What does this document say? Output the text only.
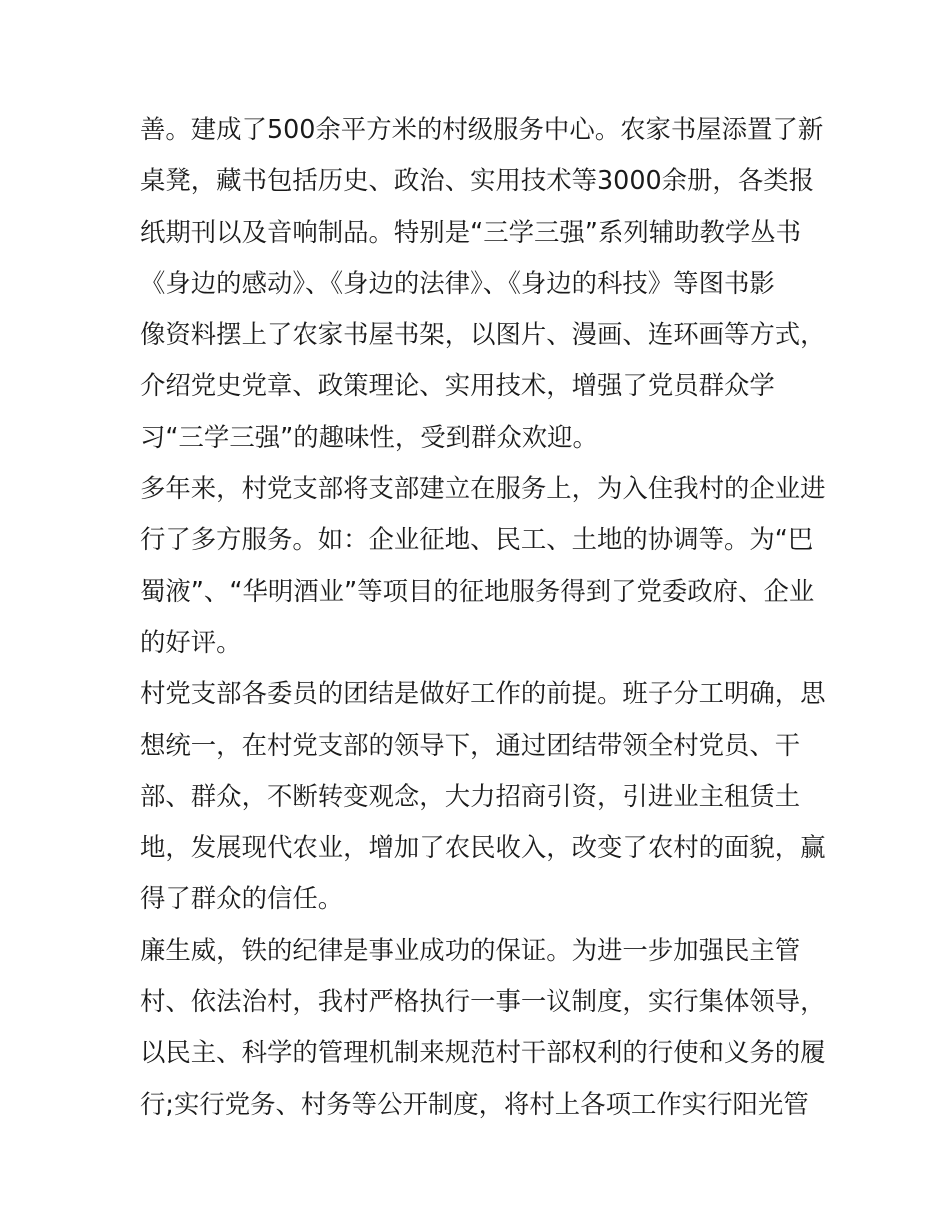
善。建成了500余平方米的村级服务中心。农家书屋添置了新
桌凳，藏书包括历史、政治、实用技术等3000余册，各类报
纸期刊以及音响制品。特别是“三学三强”系列辅助教学丛书
《身边的感动》、《身边的法律》、《身边的科技》等图书影
像资料摆上了农家书屋书架，以图片、漫画、连环画等方式，
介绍党史党章、政策理论、实用技术，增强了党员群众学
习“三学三强”的趣味性，受到群众欢迎。
多年来，村党支部将支部建立在服务上，为入住我村的企业进
行了多方服务。如：企业征地、民工、土地的协调等。为“巴
蜀液”、“华明酒业”等项目的征地服务得到了党委政府、企业
的好评。
村党支部各委员的团结是做好工作的前提。班子分工明确，思
想统一，在村党支部的领导下，通过团结带领全村党员、干
部、群众，不断转变观念，大力招商引资，引进业主租赁土
地，发展现代农业，增加了农民收入，改变了农村的面貌，赢
得了群众的信任。
廉生威，铁的纪律是事业成功的保证。为进一步加强民主管
村、依法治村，我村严格执行一事一议制度，实行集体领导，
以民主、科学的管理机制来规范村干部权利的行使和义务的履
行;实行党务、村务等公开制度，将村上各项工作实行阳光管
